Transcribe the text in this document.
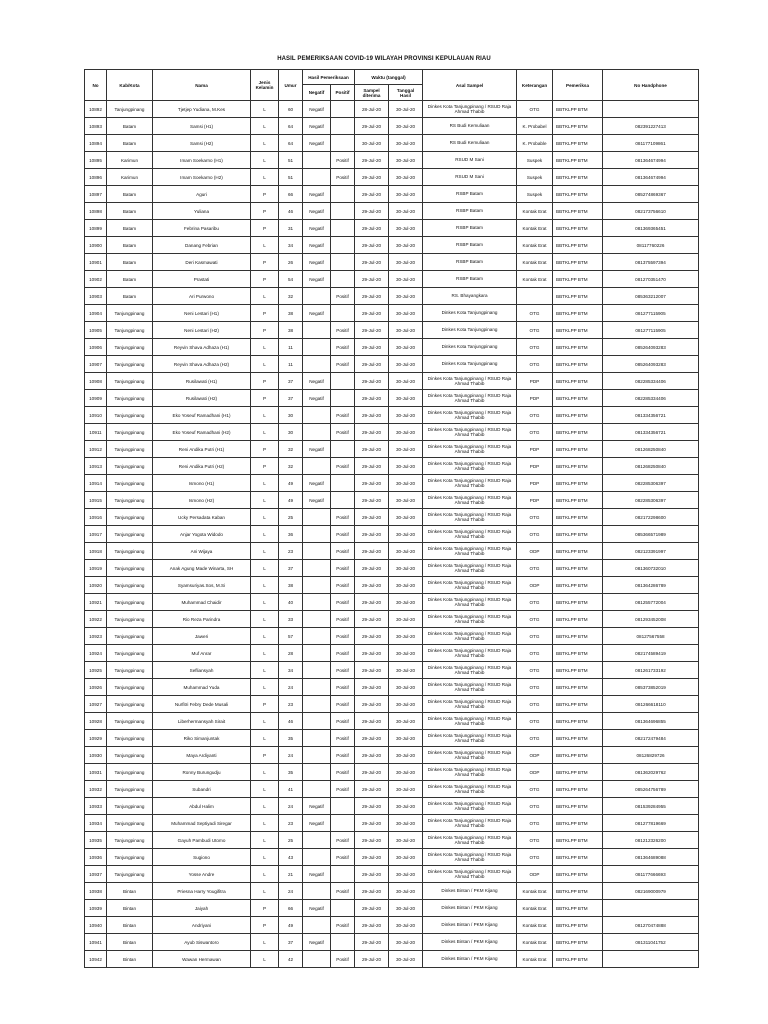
HASIL PEMERIKSAAN COVID-19 WILAYAH PROVINSI KEPULAUAN RIAU
No	Kab/Kota	Nama	Jenis Kelamin	Umur	Hasil Pemeriksaan		Waktu (tanggal)		Asal Sampel	Keterangan	Pemeriksa	No Handphone
					Negatif	Positif	Sampel diterima	Tanggal Hasil				
10892	Tanjungpinang	Tjetjep Yudiana, M.Kes	L	60	Negatif		28-Jul-20	30-Jul-20	Dinkes Kota Tanjungpinang / RSUD Raja Ahmad Thabib	OTG	BBTKLPP BTM	
10893	Batam	Samsi (H1)	L	64	Negatif		29-Jul-20	30-Jul-20	RS Budi Kemuliaan	K. Probabel	BBTKLPP BTM	082391227413
10894	Batam	Samsi (H2)	L	64	Negatif		30-Jul-20	30-Jul-20	RS Budi Kemuliaan	K. Probable	BBTKLPP BTM	081177109861
10895	Karimun	Imam Soekarno (H1)	L	51		Positif	29-Jul-20	30-Jul-20	RSUD M Sani	Suspek	BBTKLPP BTM	081364674994
10896	Karimun	Imam Soekarno (H2)	L	51		Positif	29-Jul-20	30-Jul-20	RSUD M Sani	Suspek	BBTKLPP BTM	081364674994
10897	Batam	Aguri	P	66	Negatif		29-Jul-20	30-Jul-20	RSBP Batam	Suspek	BBTKLPP BTM	085274869367
10898	Batam	Yuliana	P	46	Negatif		29-Jul-20	30-Jul-20	RSBP Batam	Kontak Erat	BBTKLPP BTM	082173756610
10899	Batam	Febrina Pasaribu	P	31	Negatif		29-Jul-20	30-Jul-20	RSBP Batam	Kontak Erat	BBTKLPP BTM	081369365451
10900	Batam	Danang Febrian	L	34	Negatif		29-Jul-20	30-Jul-20	RSBP Batam	Kontak Erat	BBTKLPP BTM	08117760226
10901	Batam	Deri Kasmawati	P	26	Negatif		29-Jul-20	30-Jul-20	RSBP Batam	Kontak Erat	BBTKLPP BTM	081375597394
10902	Batam	Prastati	P	54	Negatif		29-Jul-20	30-Jul-20	RSBP Batam	Kontak Erat	BBTKLPP BTM	081270351470
10903	Batam	Ari Purwono	L	32		Positif	29-Jul-20	30-Jul-20	RS. Bhayangkara		BBTKLPP BTM	085363212007
10904	Tanjungpinang	Neni Lestari (H1)	P	38	Negatif		29-Jul-20	30-Jul-20	Dinkes Kota Tanjungpinang	OTG	BBTKLPP BTM	081277115905
10905	Tanjungpinang	Neni Lestari (H2)	P	38		Positif	29-Jul-20	30-Jul-20	Dinkes Kota Tanjungpinang	OTG	BBTKLPP BTM	081277115905
10906	Tanjungpinang	Reyvin Shava Adhaza (H1)	L	11		Positif	29-Jul-20	30-Jul-20	Dinkes Kota Tanjungpinang	OTG	BBTKLPP BTM	085264093283
10907	Tanjungpinang	Reyvin Shava Adhaza (H2)	L	11		Positif	29-Jul-20	30-Jul-20	Dinkes Kota Tanjungpinang	OTG	BBTKLPP BTM	085264093283
10908	Tanjungpinang	Rusilawati (H1)	P	37	Negatif		29-Jul-20	30-Jul-20	Dinkes Kota Tanjungpinang / RSUD Raja Ahmad Thabib	PDP	BBTKLPP BTM	082285334406
10909	Tanjungpinang	Rusilawati (H2)	P	37	Negatif		29-Jul-20	30-Jul-20	Dinkes Kota Tanjungpinang / RSUD Raja Ahmad Thabib	PDP	BBTKLPP BTM	082285334406
10910	Tanjungpinang	Eko Yoseuf Ramadhani (H1)	L	30		Positif	29-Jul-20	30-Jul-20	Dinkes Kota Tanjungpinang / RSUD Raja Ahmad Thabib	OTG	BBTKLPP BTM	081334356721
10911	Tanjungpinang	Eko Yoseuf Ramadhani (H2)	L	30		Positif	29-Jul-20	30-Jul-20	Dinkes Kota Tanjungpinang / RSUD Raja Ahmad Thabib	OTG	BBTKLPP BTM	081334356721
10912	Tanjungpinang	Reni Andika Putri (H1)	P	32	Negatif		29-Jul-20	30-Jul-20	Dinkes Kota Tanjungpinang / RSUD Raja Ahmad Thabib	PDP	BBTKLPP BTM	081268250840
10913	Tanjungpinang	Reni Andika Putri (H2)	P	32		Positif	29-Jul-20	30-Jul-20	Dinkes Kota Tanjungpinang / RSUD Raja Ahmad Thabib	PDP	BBTKLPP BTM	081268250840
10914	Tanjungpinang	Ismono (H1)	L	49	Negatif		29-Jul-20	30-Jul-20	Dinkes Kota Tanjungpinang / RSUD Raja Ahmad Thabib	PDP	BBTKLPP BTM	082285306397
10915	Tanjungpinang	Ismono (H2)	L	49	Negatif		29-Jul-20	30-Jul-20	Dinkes Kota Tanjungpinang / RSUD Raja Ahmad Thabib	PDP	BBTKLPP BTM	082285306397
10916	Tanjungpinang	Ucky Persadata Kaban	L	25		Positif	29-Jul-20	30-Jul-20	Dinkes Kota Tanjungpinang / RSUD Raja Ahmad Thabib	OTG	BBTKLPP BTM	082172298600
10917	Tanjungpinang	Anjar Yogota Widodo	L	36		Positif	29-Jul-20	30-Jul-20	Dinkes Kota Tanjungpinang / RSUD Raja Ahmad Thabib	OTG	BBTKLPP BTM	085366571989
10918	Tanjungpinang	Ani Wijaya	L	23		Positif	29-Jul-20	30-Jul-20	Dinkes Kota Tanjungpinang / RSUD Raja Ahmad Thabib	ODP	BBTKLPP BTM	082123391997
10919	Tanjungpinang	Anak Agung Made Winarta, SH	L	37		Positif	29-Jul-20	30-Jul-20	Dinkes Kota Tanjungpinang / RSUD Raja Ahmad Thabib	OTG	BBTKLPP BTM	081360732010
10920	Tanjungpinang	Syamsuriyas.Sos, M.Si	L	38		Positif	29-Jul-20	30-Jul-20	Dinkes Kota Tanjungpinang / RSUD Raja Ahmad Thabib	ODP	BBTKLPP BTM	081364286789
10921	Tanjungpinang	Muhammad Chaidir	L	40		Positif	29-Jul-20	30-Jul-20	Dinkes Kota Tanjungpinang / RSUD Raja Ahmad Thabib	OTG	BBTKLPP BTM	081255772004
10922	Tanjungpinang	Rio Reza Parindra	L	33		Positif	29-Jul-20	30-Jul-20	Dinkes Kota Tanjungpinang / RSUD Raja Ahmad Thabib	OTG	BBTKLPP BTM	081293452008
10923	Tanjungpinang	Jaweri	L	57		Positif	29-Jul-20	30-Jul-20	Dinkes Kota Tanjungpinang / RSUD Raja Ahmad Thabib	OTG	BBTKLPP BTM	08127567558
10924	Tanjungpinang	Muf Anrar	L	28		Positif	29-Jul-20	30-Jul-20	Dinkes Kota Tanjungpinang / RSUD Raja Ahmad Thabib	OTG	BBTKLPP BTM	082174589419
10925	Tanjungpinang	Sefliansyah	L	34		Positif	29-Jul-20	30-Jul-20	Dinkes Kota Tanjungpinang / RSUD Raja Ahmad Thabib	OTG	BBTKLPP BTM	081261733192
10926	Tanjungpinang	Muhammad Yuda	L	24		Positif	29-Jul-20	30-Jul-20	Dinkes Kota Tanjungpinang / RSUD Raja Ahmad Thabib	OTG	BBTKLPP BTM	085373852019
10927	Tanjungpinang	Nurfitri Febry Dede Musali	P	23		Positif	29-Jul-20	30-Jul-20	Dinkes Kota Tanjungpinang / RSUD Raja Ahmad Thabib	OTG	BBTKLPP BTM	081266618110
10928	Tanjungpinang	Liberhermansyah Sirait	L	46		Positif	29-Jul-20	30-Jul-20	Dinkes Kota Tanjungpinang / RSUD Raja Ahmad Thabib	OTG	BBTKLPP BTM	081364696855
10929	Tanjungpinang	Riko Simanjuntak	L	35		Positif	29-Jul-20	30-Jul-20	Dinkes Kota Tanjungpinang / RSUD Raja Ahmad Thabib	OTG	BBTKLPP BTM	082172479484
10930	Tanjungpinang	Maya Ardiyanti	P	24		Positif	29-Jul-20	30-Jul-20	Dinkes Kota Tanjungpinang / RSUD Raja Ahmad Thabib	ODP	BBTKLPP BTM	08126829726
10931	Tanjungpinang	Ronny Burungudju	L	35		Positif	29-Jul-20	30-Jul-20	Dinkes Kota Tanjungpinang / RSUD Raja Ahmad Thabib	ODP	BBTKLPP BTM	081362029762
10932	Tanjungpinang	Subandri	L	41		Positif	29-Jul-20	30-Jul-20	Dinkes Kota Tanjungpinang / RSUD Raja Ahmad Thabib	OTG	BBTKLPP BTM	085264756789
10933	Tanjungpinang	Abdul Halim	L	24	Negatif		29-Jul-20	30-Jul-20	Dinkes Kota Tanjungpinang / RSUD Raja Ahmad Thabib	OTG	BBTKLPP BTM	081539284955
10934	Tanjungpinang	Muhammad Septiyadi Siregar	L	23	Negatif		29-Jul-20	30-Jul-20	Dinkes Kota Tanjungpinang / RSUD Raja Ahmad Thabib	OTG	BBTKLPP BTM	081277819669
10935	Tanjungpinang	Gayuh Pambudi Utomo	L	25		Positif	29-Jul-20	30-Jul-20	Dinkes Kota Tanjungpinang / RSUD Raja Ahmad Thabib	OTG	BBTKLPP BTM	081212326200
10936	Tanjungpinang	Sugiono	L	43		Positif	29-Jul-20	30-Jul-20	Dinkes Kota Tanjungpinang / RSUD Raja Ahmad Thabib	OTG	BBTKLPP BTM	081364689088
10937	Tanjungpinang	Yosse Andre	L	21	Negatif		29-Jul-20	30-Jul-20	Dinkes Kota Tanjungpinang / RSUD Raja Ahmad Thabib	ODP	BBTKLPP BTM	081177666693
10938	Bintan	Priesna Harry Yougifitra	L	24		Positif	29-Jul-20	30-Jul-20	Dinkes Bintan / PKM Kijang	Kontak Erat	BBTKLPP BTM	082169000979
10939	Bintan	Jaiyah	P	66	Negatif		29-Jul-20	30-Jul-20	Dinkes Bintan / PKM Kijang	Kontak Erat	BBTKLPP BTM	
10940	Bintan	Andriyani	P	49		Positif	29-Jul-20	30-Jul-20	Dinkes Bintan / PKM Kijang	Kontak Erat	BBTKLPP BTM	081270474888
10941	Bintan	Ayub Siswantoro	L	37	Negatif		29-Jul-20	30-Jul-20	Dinkes Bintan / PKM Kijang	Kontak Erat	BBTKLPP BTM	081311041752
10942	Bintan	Wawan Hermawan	L	42		Positif	29-Jul-20	30-Jul-20	Dinkes Bintan / PKM Kijang	Kontak Erat	BBTKLPP BTM	
